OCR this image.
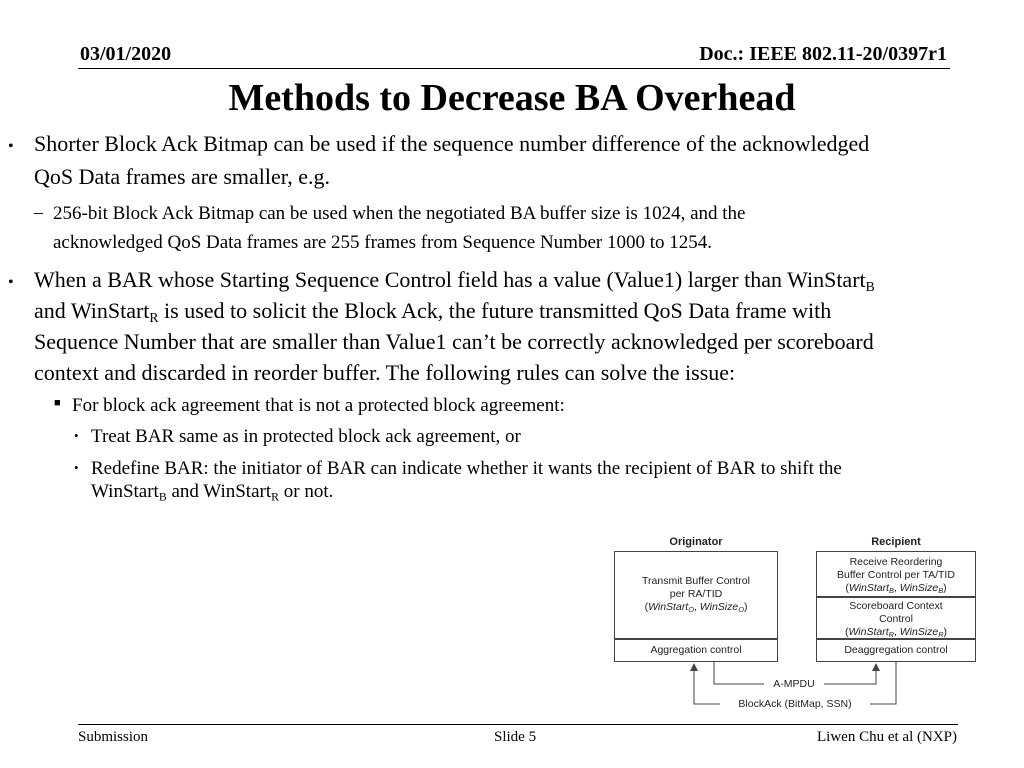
03/01/2020	Doc.: IEEE 802.11-20/0397r1
Methods to Decrease BA Overhead
• Shorter Block Ack Bitmap can be used if the sequence number difference of the acknowledged
QoS Data frames are smaller, e.g.
– 256-bit Block Ack Bitmap can be used when the negotiated BA buffer size is 1024, and the
acknowledged QoS Data frames are 255 frames from Sequence Number 1000 to 1254.
• When a BAR whose Starting Sequence Control field has a value (Value1) larger than WinStart$_B$
and WinStart$_R$ is used to solicit the Block Ack, the future transmitted QoS Data frame with
Sequence Number that are smaller than Value1 can’t be correctly acknowledged per scoreboard
context and discarded in reorder buffer. The following rules can solve the issue:
■ For block ack agreement that is not a protected block agreement:
• Treat BAR same as in protected block ack agreement, or
• Redefine BAR: the initiator of BAR can indicate whether it wants the recipient of BAR to shift the
WinStart$_B$ and WinStart$_R$ or not.
Originator	Recipient
Transmit Buffer Control
per RA/TID
(WinStart$_O$, WinSize$_O$)
Aggregation control
Receive Reordering
Buffer Control per TA/TID
(WinStart$_B$, WinSize$_B$)
Scoreboard Context
Control
(WinStart$_R$, WinSize$_R$)
Deaggregation control
A-MPDU
BlockAck (BitMap, SSN)
Submission	Slide 5	Liwen Chu et al (NXP)
